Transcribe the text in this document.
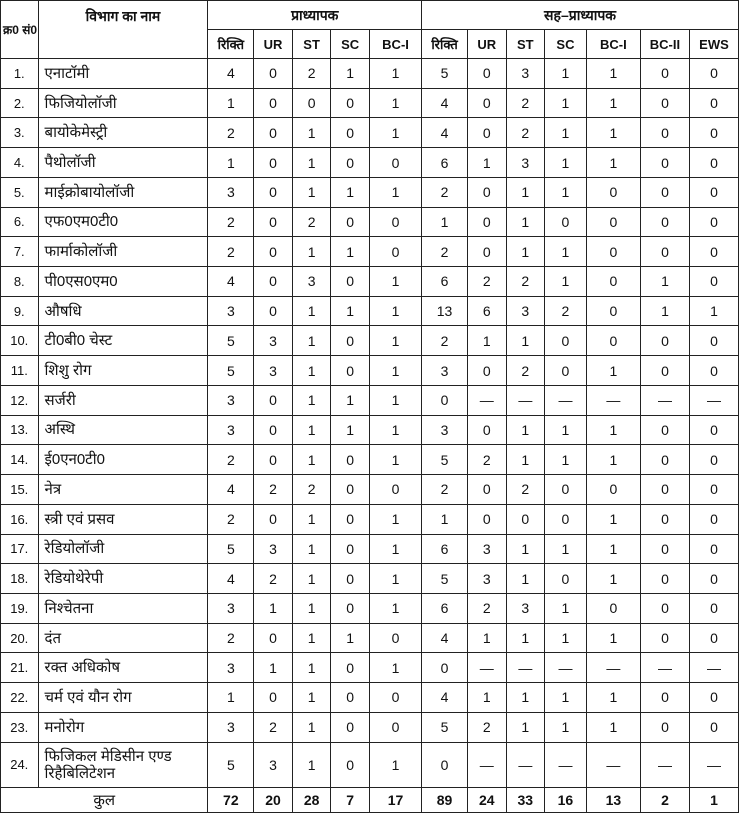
क्र0 सं0	विभाग का नाम	प्राध्यापक					सह–प्राध्यापक						
		रिक्ति	UR	ST	SC	BC-I	रिक्ति	UR	ST	SC	BC-I	BC-II	EWS
1.	एनाटॉमी	4	0	2	1	1	5	0	3	1	1	0	0
2.	फिजियोलॉजी	1	0	0	0	1	4	0	2	1	1	0	0
3.	बायोकेमेस्ट्री	2	0	1	0	1	4	0	2	1	1	0	0
4.	पैथोलॉजी	1	0	1	0	0	6	1	3	1	1	0	0
5.	माईक्रोबायोलॉजी	3	0	1	1	1	2	0	1	1	0	0	0
6.	एफ0एम0टी0	2	0	2	0	0	1	0	1	0	0	0	0
7.	फार्माकोलॉजी	2	0	1	1	0	2	0	1	1	0	0	0
8.	पी0एस0एम0	4	0	3	0	1	6	2	2	1	0	1	0
9.	औषधि	3	0	1	1	1	13	6	3	2	0	1	1
10.	टी0बी0 चेस्ट	5	3	1	0	1	2	1	1	0	0	0	0
11.	शिशु रोग	5	3	1	0	1	3	0	2	0	1	0	0
12.	सर्जरी	3	0	1	1	1	0	—	—	—	—	—	—
13.	अस्थि	3	0	1	1	1	3	0	1	1	1	0	0
14.	ई0एन0टी0	2	0	1	0	1	5	2	1	1	1	0	0
15.	नेत्र	4	2	2	0	0	2	0	2	0	0	0	0
16.	स्त्री एवं प्रसव	2	0	1	0	1	1	0	0	0	1	0	0
17.	रेडियोलॉजी	5	3	1	0	1	6	3	1	1	1	0	0
18.	रेडियोथेरेपी	4	2	1	0	1	5	3	1	0	1	0	0
19.	निश्चेतना	3	1	1	0	1	6	2	3	1	0	0	0
20.	दंत	2	0	1	1	0	4	1	1	1	1	0	0
21.	रक्त अधिकोष	3	1	1	0	1	0	—	—	—	—	—	—
22.	चर्म एवं यौन रोग	1	0	1	0	0	4	1	1	1	1	0	0
23.	मनोरोग	3	2	1	0	0	5	2	1	1	1	0	0
24.	फिजिकल मेडिसीन एण्ड रिहैबिलिटेशन	5	3	1	0	1	0	—	—	—	—	—	—
कुल		72	20	28	7	17	89	24	33	16	13	2	1
